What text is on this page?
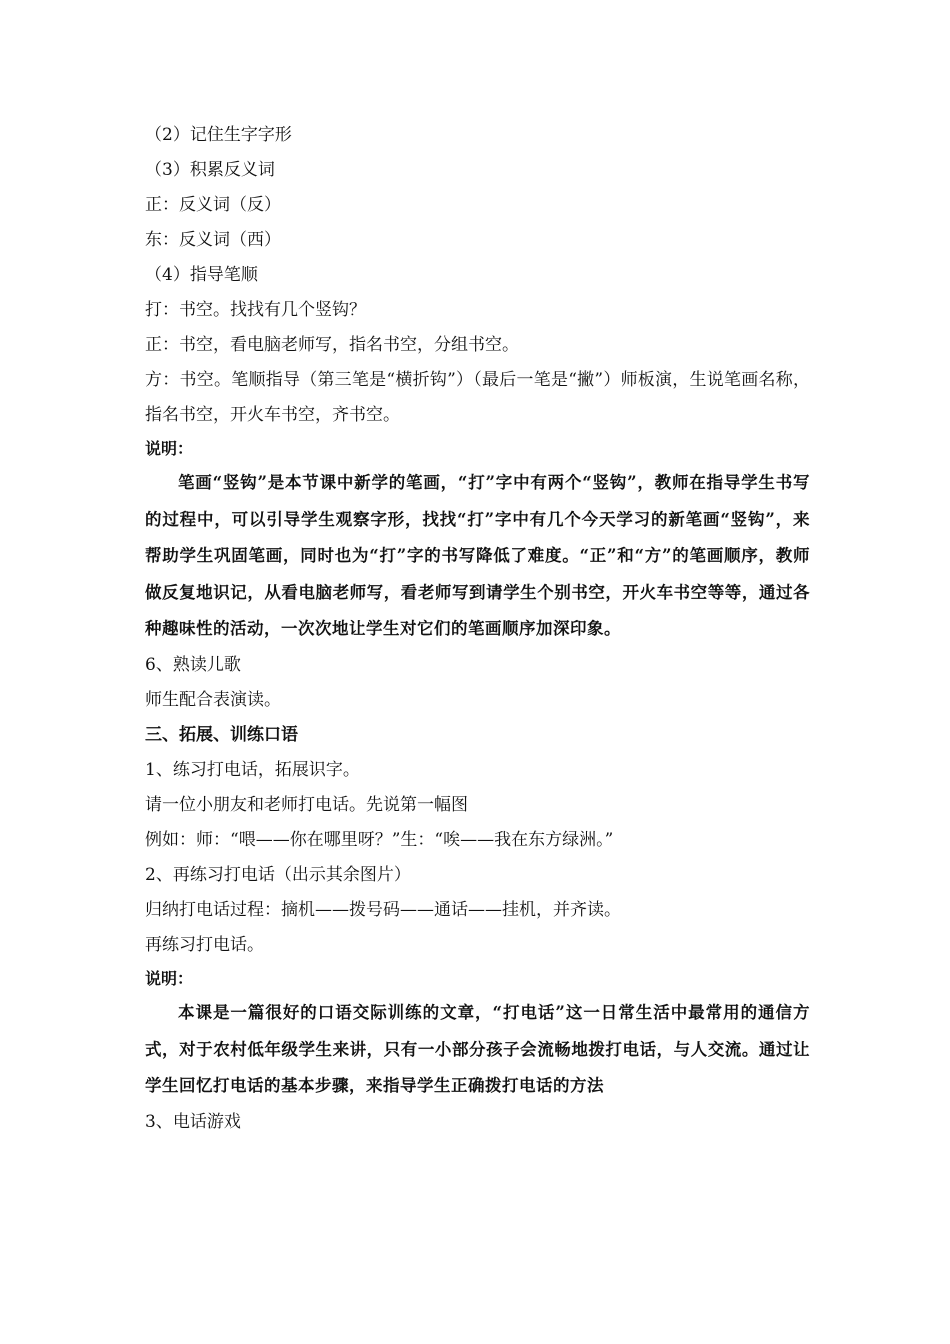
（2）记住生字字形

（3）积累反义词

正：反义词（反）

东：反义词（西）

（4）指导笔顺

打：书空。找找有几个竖钩？

正：书空，看电脑老师写，指名书空，分组书空。

方：书空。笔顺指导（第三笔是“横折钩”）（最后一笔是“撇”）师板演，生说笔画名称，指名书空，开火车书空，齐书空。

说明：

笔画“竖钩”是本节课中新学的笔画，“打”字中有两个“竖钩”，教师在指导学生书写的过程中，可以引导学生观察字形，找找“打”字中有几个今天学习的新笔画“竖钩”，来帮助学生巩固笔画，同时也为“打”字的书写降低了难度。“正”和“方”的笔画顺序，教师做反复地识记，从看电脑老师写，看老师写到请学生个别书空，开火车书空等等，通过各种趣味性的活动，一次次地让学生对它们的笔画顺序加深印象。

6、熟读儿歌

师生配合表演读。

三、拓展、训练口语

1、练习打电话，拓展识字。

请一位小朋友和老师打电话。先说第一幅图

例如：师：“喂——你在哪里呀？”生：“唉——我在东方绿洲。”

2、再练习打电话（出示其余图片）

归纳打电话过程：摘机——拨号码——通话——挂机，并齐读。

再练习打电话。

说明：

本课是一篇很好的口语交际训练的文章，“打电话”这一日常生活中最常用的通信方式，对于农村低年级学生来讲，只有一小部分孩子会流畅地拨打电话，与人交流。通过让学生回忆打电话的基本步骤，来指导学生正确拨打电话的方法

3、电话游戏
